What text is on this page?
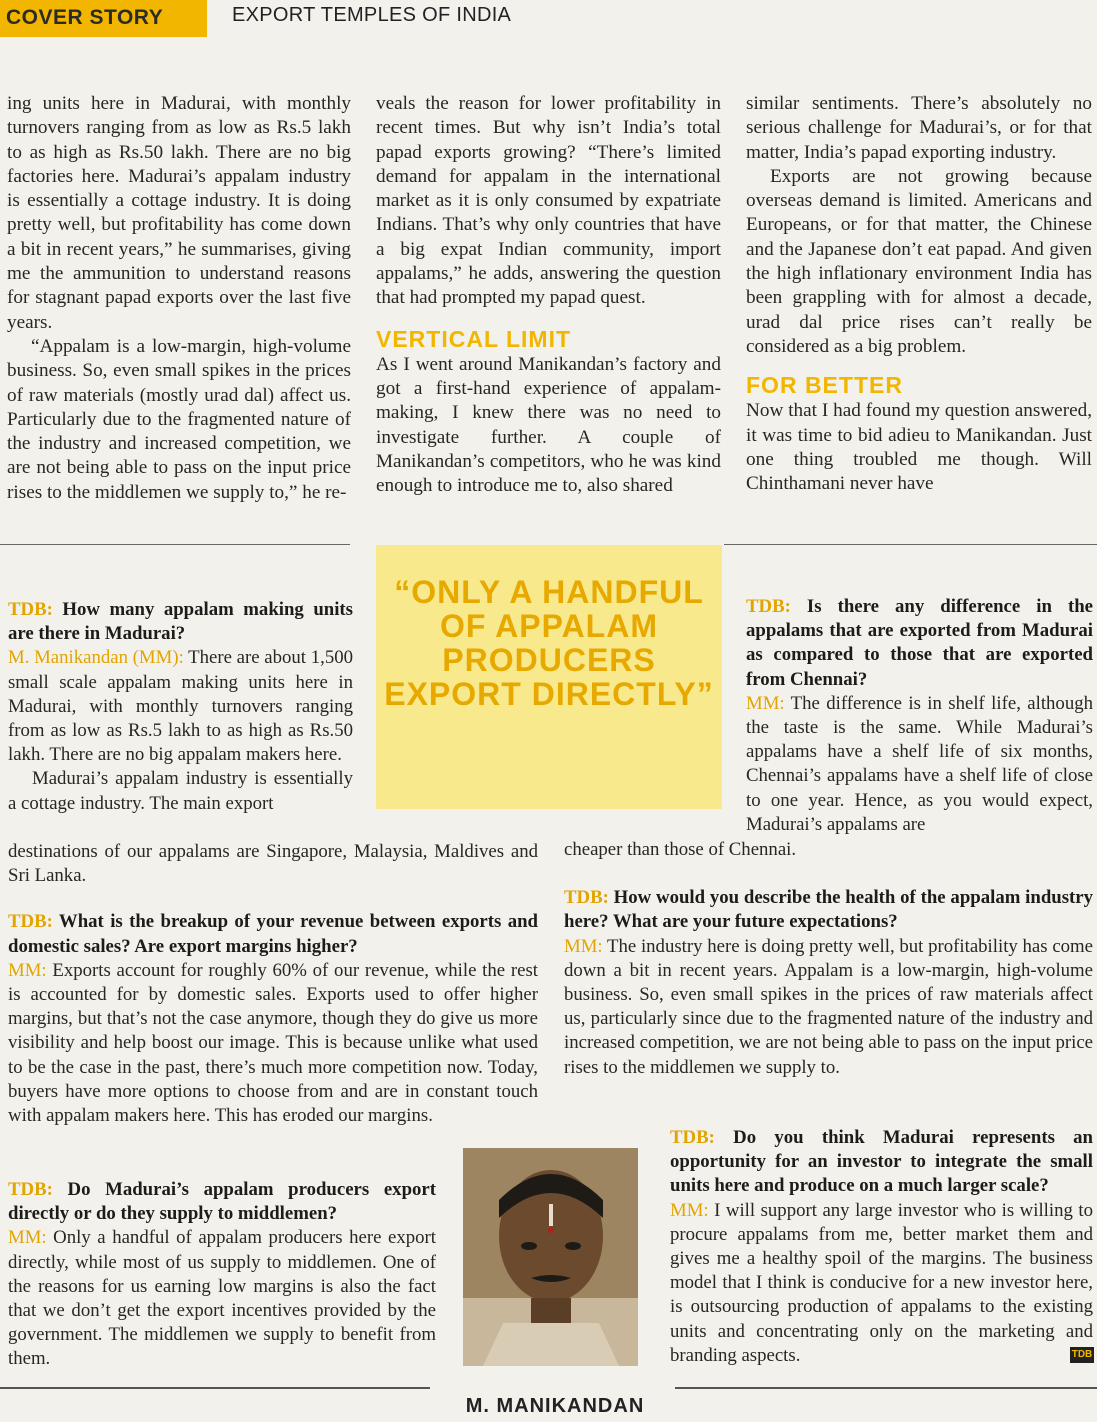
COVER STORY	EXPORT TEMPLES OF INDIA

ing units here in Madurai, with monthly turnovers ranging from as low as Rs.5 lakh to as high as Rs.50 lakh. There are no big factories here. Madurai’s appalam industry is essentially a cottage industry. It is doing pretty well, but profitability has come down a bit in recent years,” he summarises, giving me the ammunition to understand reasons for stagnant papad exports over the last five years.

“Appalam is a low-margin, high-volume business. So, even small spikes in the prices of raw materials (mostly urad dal) affect us. Particularly due to the fragmented nature of the industry and increased competition, we are not being able to pass on the input price rises to the middlemen we supply to,” he re-

veals the reason for lower profitability in recent times. But why isn’t India’s total papad exports growing? “There’s limited demand for appalam in the international market as it is only consumed by expatriate Indians. That’s why only countries that have a big expat Indian community, import appalams,” he adds, answering the question that had prompted my papad quest.

VERTICAL LIMIT

As I went around Manikandan’s factory and got a first-hand experience of appalam-making, I knew there was no need to investigate further. A couple of Manikandan’s competitors, who he was kind enough to introduce me to, also shared

similar sentiments. There’s absolutely no serious challenge for Madurai’s, or for that matter, India’s papad exporting industry.

Exports are not growing because overseas demand is limited. Americans and Europeans, or for that matter, the Chinese and the Japanese don’t eat papad. And given the high inflationary environment India has been grappling with for almost a decade, urad dal price rises can’t really be considered as a big problem.

FOR BETTER

Now that I had found my question answered, it was time to bid adieu to Manikandan. Just one thing troubled me though. Will Chinthamani never have

“ONLY A HANDFUL OF APPALAM PRODUCERS EXPORT DIRECTLY”

TDB: How many appalam making units are there in Madurai?

M. Manikandan (MM): There are about 1,500 small scale appalam making units here in Madurai, with monthly turnovers ranging from as low as Rs.5 lakh to as high as Rs.50 lakh. There are no big appalam makers here.

Madurai’s appalam industry is essentially a cottage industry. The main export

destinations of our appalams are Singapore, Malaysia, Maldives and Sri Lanka.

TDB: What is the breakup of your revenue between exports and domestic sales? Are export margins higher?

MM: Exports account for roughly 60% of our revenue, while the rest is accounted for by domestic sales. Exports used to offer higher margins, but that’s not the case anymore, though they do give us more visibility and help boost our image. This is because unlike what used to be the case in the past, there’s much more competition now. Today, buyers have more options to choose from and are in constant touch with appalam makers here. This has eroded our margins.

TDB: Do Madurai’s appalam producers export directly or do they supply to middlemen?

MM: Only a handful of appalam producers here export directly, while most of us supply to middlemen. One of the reasons for us earning low margins is also the fact that we don’t get the export incentives provided by the government. The middlemen we supply to benefit from them.

TDB: Is there any difference in the appalams that are exported from Madurai as compared to those that are exported from Chennai?

MM: The difference is in shelf life, although the taste is the same. While Madurai’s appalams have a shelf life of six months, Chennai’s appalams have a shelf life of close to one year. Hence, as you would expect, Madurai’s appalams are

cheaper than those of Chennai.

TDB: How would you describe the health of the appalam industry here? What are your future expectations?

MM: The industry here is doing pretty well, but profitability has come down a bit in recent years. Appalam is a low-margin, high-volume business. So, even small spikes in the prices of raw materials affect us, particularly since due to the fragmented nature of the industry and increased competition, we are not being able to pass on the input price rises to the middlemen we supply to.

TDB: Do you think Madurai represents an opportunity for an investor to integrate the small units here and produce on a much larger scale?

MM: I will support any large investor who is willing to procure appalams from me, better market them and gives me a healthy spoil of the margins. The business model that I think is conducive for a new investor here, is outsourcing production of appalams to the existing units and concentrating only on the marketing and branding aspects.

M. MANIKANDAN
TDB
